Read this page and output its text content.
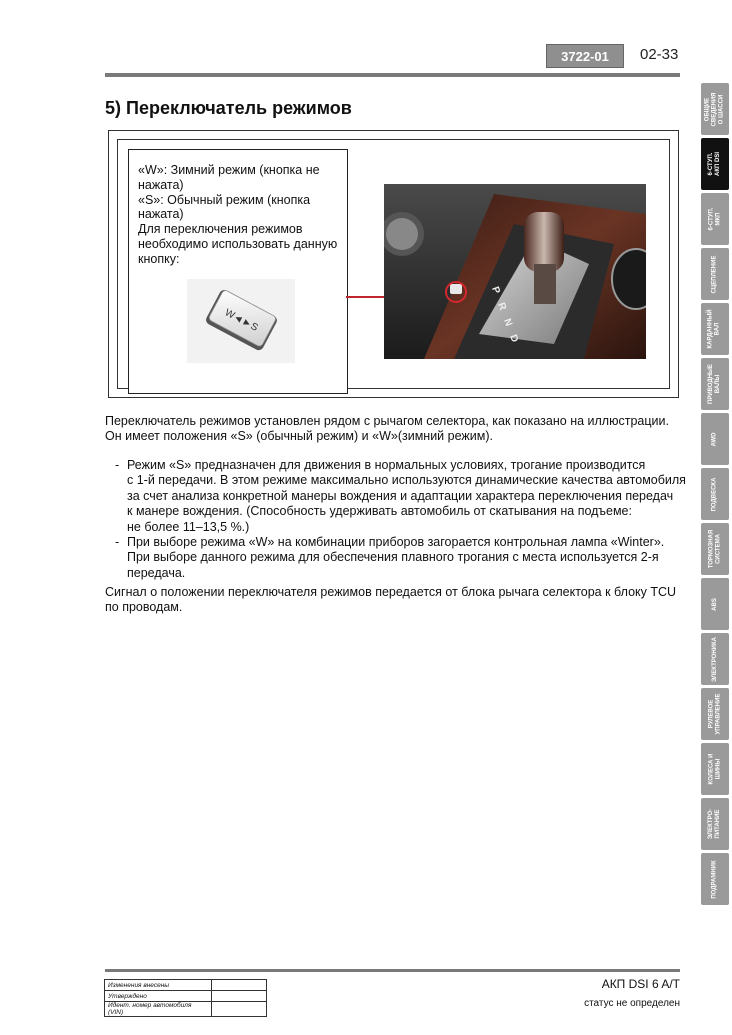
3722-01	02-33
5) Переключатель режимов
«W»: Зимний режим (кнопка не нажата)
«S»: Обычный режим (кнопка нажата)
Для переключения режимов необходимо использовать данную кнопку:
W◄►S
P
R
N
D

Переключатель режимов установлен рядом с рычагом селектора, как показано на иллюстрации.

Он имеет положения «S» (обычный режим) и «W»(зимний режим).

- Режим «S» предназначен для движения в нормальных условиях, трогание производится
с 1-й передачи. В этом режиме максимально используются динамические качества автомобиля
за счет анализа конкретной манеры вождения и адаптации характера переключения передач
к манере вождения. (Способность удерживать автомобиль от скатывания на подъеме:
не более 11–13,5 %.)
- При выборе режима «W» на комбинации приборов загорается контрольная лампа «Winter».
При выборе данного режима для обеспечения плавного трогания с места используется 2-я
передача.
Сигнал о положении переключателя режимов передается от блока рычага селектора к блоку TCU
по проводам.
ОБЩИЕ
СВЕДЕНИЯ
О ШАССИ
6-СТУП.
АКП DSI
6-СТУП.
МКП
СЦЕПЛЕНИЕ
КАРДАННЫЙ
ВАЛ
ПРИВОДНЫЕ
ВАЛЫ
AWD
ПОДВЕСКА
ТОРМОЗНАЯ
СИСТЕМА
ABS
ЭЛЕКТРОНИКА
РУЛЕВОЕ
УПРАВЛЕНИЕ
КОЛЕСА И
ШИНЫ
ЭЛЕКТРО-
ПИТАНИЕ
ПОДРАМНИК
Изменения внесены	
Утверждено	
Идент. номер автомобиля (VIN)	
АКП DSI 6 A/T
статус не определен
